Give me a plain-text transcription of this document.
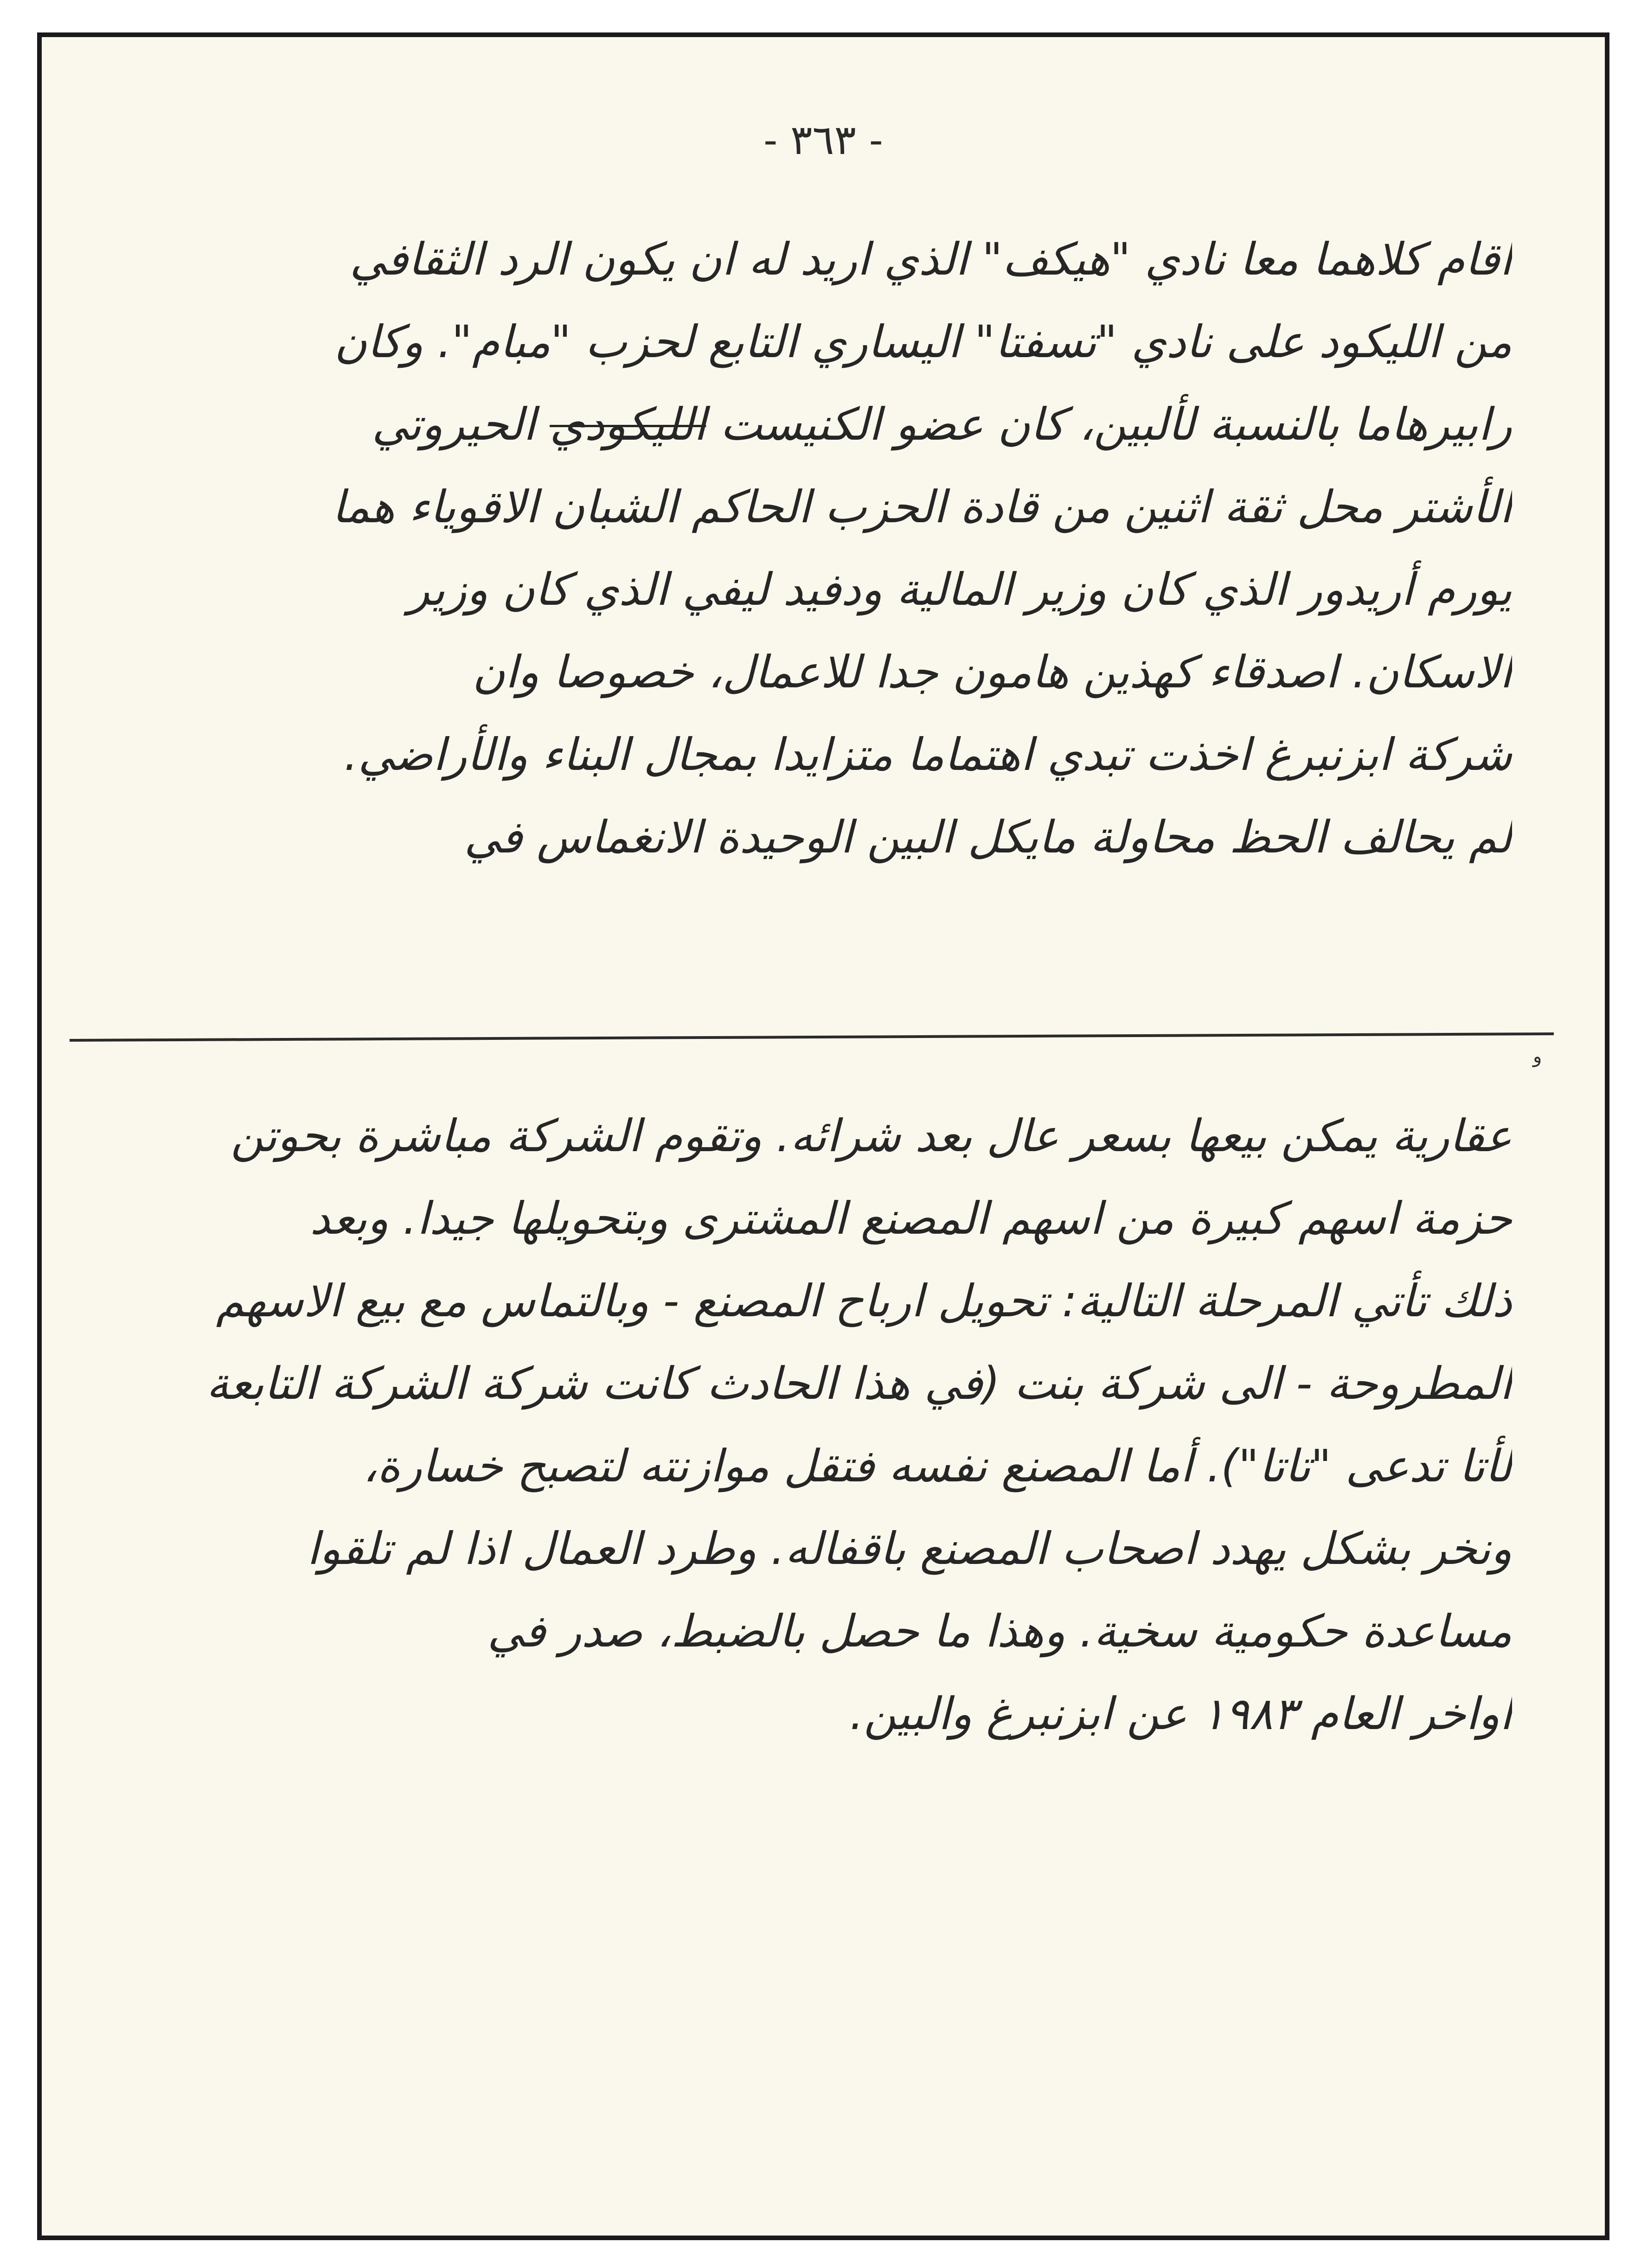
- ٣٦٣ -
اقام كلاهما معا نادي "هيكف" الذي اريد له ان يكون الرد الثقافي
من الليكود على نادي "تسفتا" اليساري التابع لحزب "مبام". وكان
رابيرهاما بالنسبة لألبين، كان عضو الكنيست الليكودي الحيروتي
الأشتر محل ثقة اثنين من قادة الحزب الحاكم الشبان الاقوياء هما
يورم أريدور الذي كان وزير المالية ودفيد ليفي الذي كان وزير
الاسكان. اصدقاء كهذين هامون جدا للاعمال، خصوصا وان
شركة ابزنبرغ اخذت تبدي اهتماما متزايدا بمجال البناء والأراضي.
لم يحالف الحظ محاولة مايكل البين الوحيدة الانغماس في
و
عقارية يمكن بيعها بسعر عال بعد شرائه. وتقوم الشركة مباشرة بحوتن
حزمة اسهم كبيرة من اسهم المصنع المشترى وبتحويلها جيدا. وبعد
ذلك تأتي المرحلة التالية: تحويل ارباح المصنع - وبالتماس مع بيع الاسهم
المطروحة - الى شركة بنت (في هذا الحادث كانت شركة الشركة التابعة
لأتا تدعى "تاتا"). أما المصنع نفسه فتقل موازنته لتصبح خسارة،
ونخر بشكل يهدد اصحاب المصنع باقفاله. وطرد العمال اذا لم تلقوا
مساعدة حكومية سخية. وهذا ما حصل بالضبط، صدر في
اواخر العام ١٩٨٣ عن ابزنبرغ والبين.
